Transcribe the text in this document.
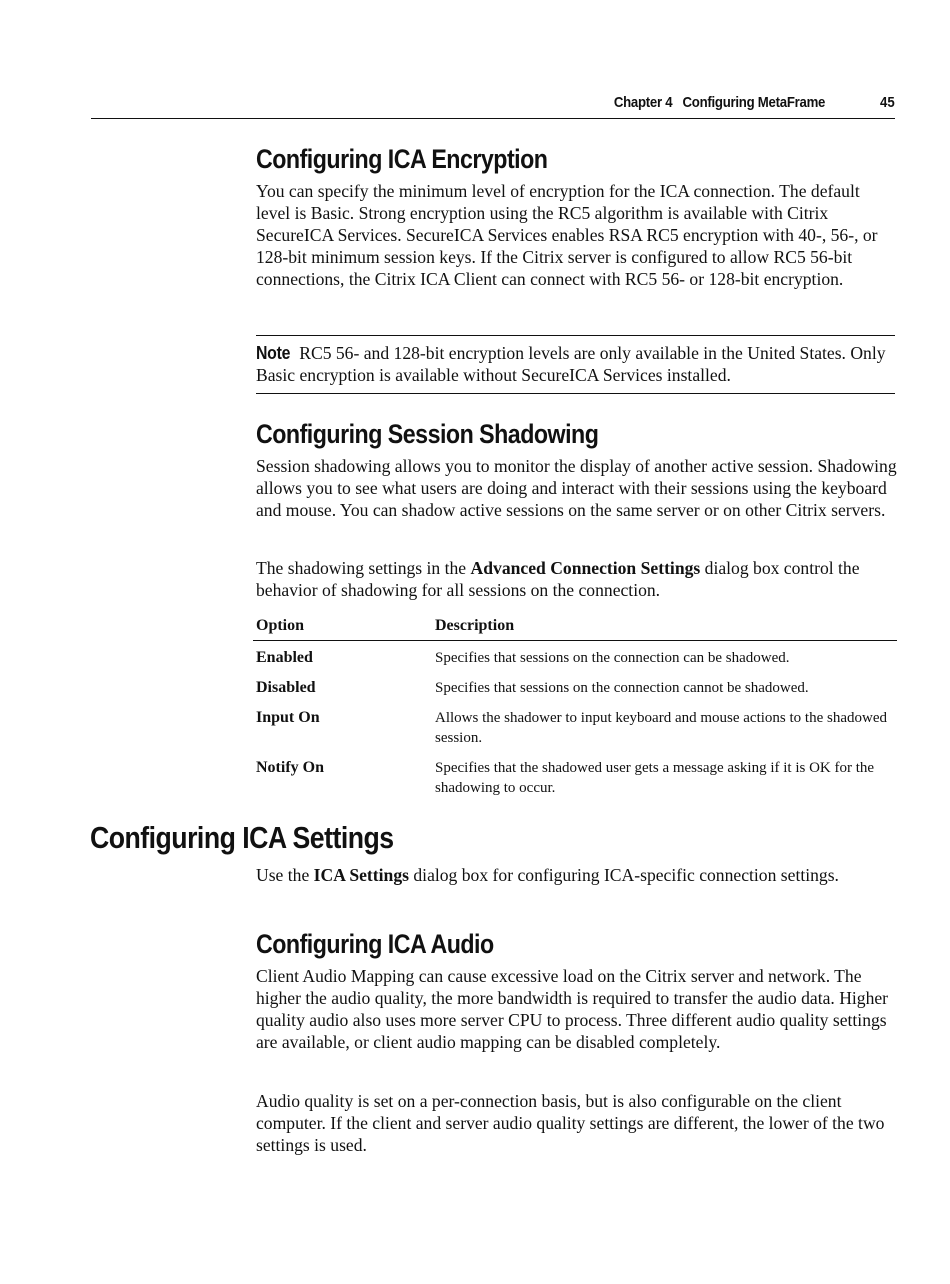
Chapter 4   Configuring MetaFrame	45
Configuring ICA Encryption

You can specify the minimum level of encryption for the ICA connection. The default level is Basic. Strong encryption using the RC5 algorithm is available with Citrix SecureICA Services. SecureICA Services enables RSA RC5 encryption with 40-, 56-, or 128-bit minimum session keys. If the Citrix server is configured to allow RC5 56-bit connections, the Citrix ICA Client can connect with RC5 56- or 128-bit encryption.

Note RC5 56- and 128-bit encryption levels are only available in the United States. Only Basic encryption is available without SecureICA Services installed.
Configuring Session Shadowing

Session shadowing allows you to monitor the display of another active session. Shadowing allows you to see what users are doing and interact with their sessions using the keyboard and mouse. You can shadow active sessions on the same server or on other Citrix servers.

The shadowing settings in the Advanced Connection Settings dialog box control the behavior of shadowing for all sessions on the connection.

Option	Description
Enabled	Specifies that sessions on the connection can be shadowed.
Disabled	Specifies that sessions on the connection cannot be shadowed.
Input On	Allows the shadower to input keyboard and mouse actions to the shadowed session.
Notify On	Specifies that the shadowed user gets a message asking if it is OK for the shadowing to occur.
Configuring ICA Settings

Use the ICA Settings dialog box for configuring ICA-specific connection settings.

Configuring ICA Audio

Client Audio Mapping can cause excessive load on the Citrix server and network. The higher the audio quality, the more bandwidth is required to transfer the audio data. Higher quality audio also uses more server CPU to process. Three different audio quality settings are available, or client audio mapping can be disabled completely.

Audio quality is set on a per-connection basis, but is also configurable on the client computer. If the client and server audio quality settings are different, the lower of the two settings is used.
